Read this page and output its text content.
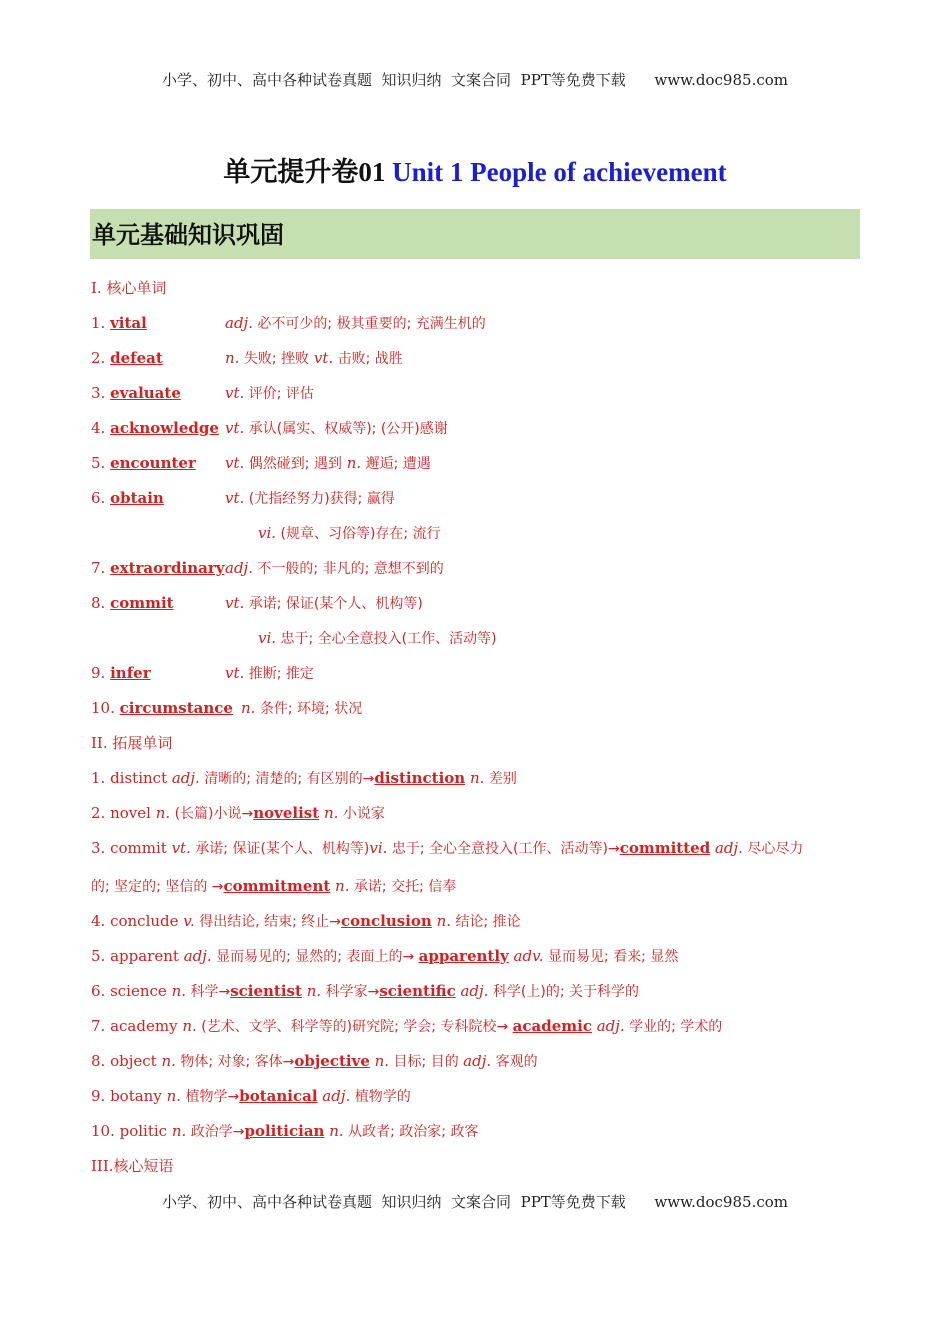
小学、初中、高中各种试卷真题  知识归纳  文案合同  PPT等免费下载      www.doc985.com
单元提升卷01 Unit 1 People of achievement
单元基础知识巩固
I. 核心单词
1. vital	adj. 必不可少的; 极其重要的; 充满生机的
2. defeat	n. 失败; 挫败 vt. 击败; 战胜
3. evaluate	vt. 评价; 评估
4. acknowledge vt. 承认(属实、权威等); (公开)感谢
5. encounter vt. 偶然碰到; 遇到 n. 邂逅; 遭遇
6. obtain	vt. (尤指经努力)获得; 赢得
vi. (规章、习俗等)存在; 流行
7. extraordinary adj. 不一般的; 非凡的; 意想不到的
8. commit	vt. 承诺; 保证(某个人、机构等)
vi. 忠于; 全心全意投入(工作、活动等)
9. infer	vt. 推断; 推定
10. circumstance n. 条件; 环境; 状况
II. 拓展单词
1. distinct adj. 清晰的; 清楚的; 有区别的→distinction n. 差别
2. novel n. (长篇)小说→novelist n. 小说家
3. commit vt. 承诺; 保证(某个人、机构等)vi. 忠于; 全心全意投入(工作、活动等)→committed adj. 尽心尽力
的; 坚定的; 坚信的 →commitment n. 承诺; 交托; 信奉
4. conclude v. 得出结论, 结束; 终止→conclusion n. 结论; 推论
5. apparent adj. 显而易见的; 显然的; 表面上的→ apparently adv. 显而易见; 看来; 显然
6. science n. 科学→scientist n. 科学家→scientific adj. 科学(上)的; 关于科学的
7. academy n. (艺术、文学、科学等的)研究院; 学会; 专科院校→ academic adj. 学业的; 学术的
8. object n. 物体; 对象; 客体→objective n. 目标; 目的 adj. 客观的
9. botany n. 植物学→botanical adj. 植物学的
10. politic n. 政治学→politician n. 从政者; 政治家; 政客
III.核心短语
小学、初中、高中各种试卷真题  知识归纳  文案合同  PPT等免费下载      www.doc985.com
